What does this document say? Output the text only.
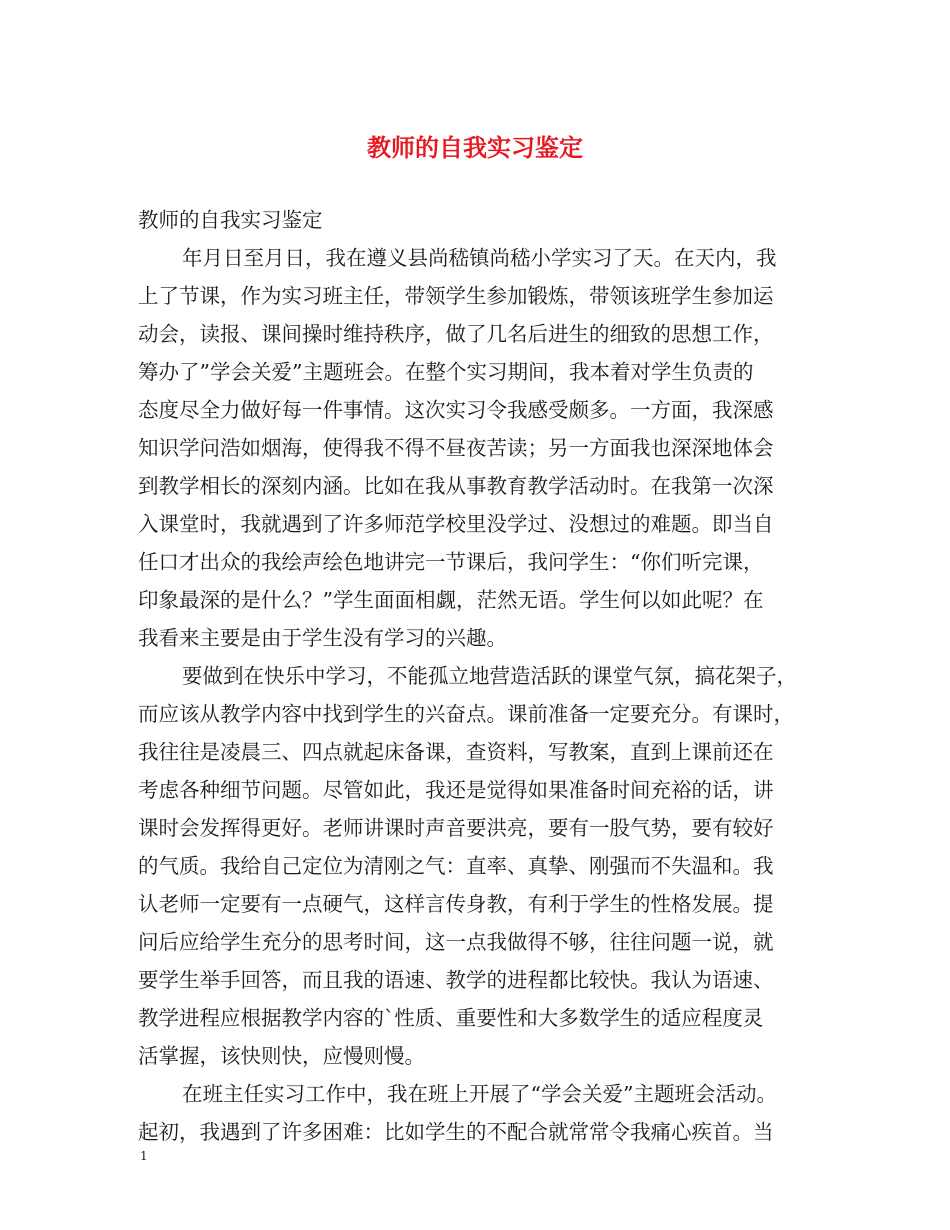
教师的自我实习鉴定
教师的自我实习鉴定
年月日至月日，我在遵义县尚嵇镇尚嵇小学实习了天。在天内，我
上了节课，作为实习班主任，带领学生参加锻炼，带领该班学生参加运
动会，读报、课间操时维持秩序，做了几名后进生的细致的思想工作，
筹办了”学会关爱”主题班会。在整个实习期间，我本着对学生负责的
态度尽全力做好每一件事情。这次实习令我感受颇多。一方面，我深感
知识学问浩如烟海，使得我不得不昼夜苦读；另一方面我也深深地体会
到教学相长的深刻内涵。比如在我从事教育教学活动时。在我第一次深
入课堂时，我就遇到了许多师范学校里没学过、没想过的难题。即当自
任口才出众的我绘声绘色地讲完一节课后，我问学生：“你们听完课，
印象最深的是什么？”学生面面相觑，茫然无语。学生何以如此呢？在
我看来主要是由于学生没有学习的兴趣。
要做到在快乐中学习，不能孤立地营造活跃的课堂气氛，搞花架子，
而应该从教学内容中找到学生的兴奋点。课前准备一定要充分。有课时，
我往往是凌晨三、四点就起床备课，查资料，写教案，直到上课前还在
考虑各种细节问题。尽管如此，我还是觉得如果准备时间充裕的话，讲
课时会发挥得更好。老师讲课时声音要洪亮，要有一股气势，要有较好
的气质。我给自己定位为清刚之气：直率、真挚、刚强而不失温和。我
认老师一定要有一点硬气，这样言传身教，有利于学生的性格发展。提
问后应给学生充分的思考时间，这一点我做得不够，往往问题一说，就
要学生举手回答，而且我的语速、教学的进程都比较快。我认为语速、
教学进程应根据教学内容的`性质、重要性和大多数学生的适应程度灵
活掌握，该快则快，应慢则慢。
在班主任实习工作中，我在班上开展了“学会关爱”主题班会活动。
起初，我遇到了许多困难：比如学生的不配合就常常令我痛心疾首。当
1
